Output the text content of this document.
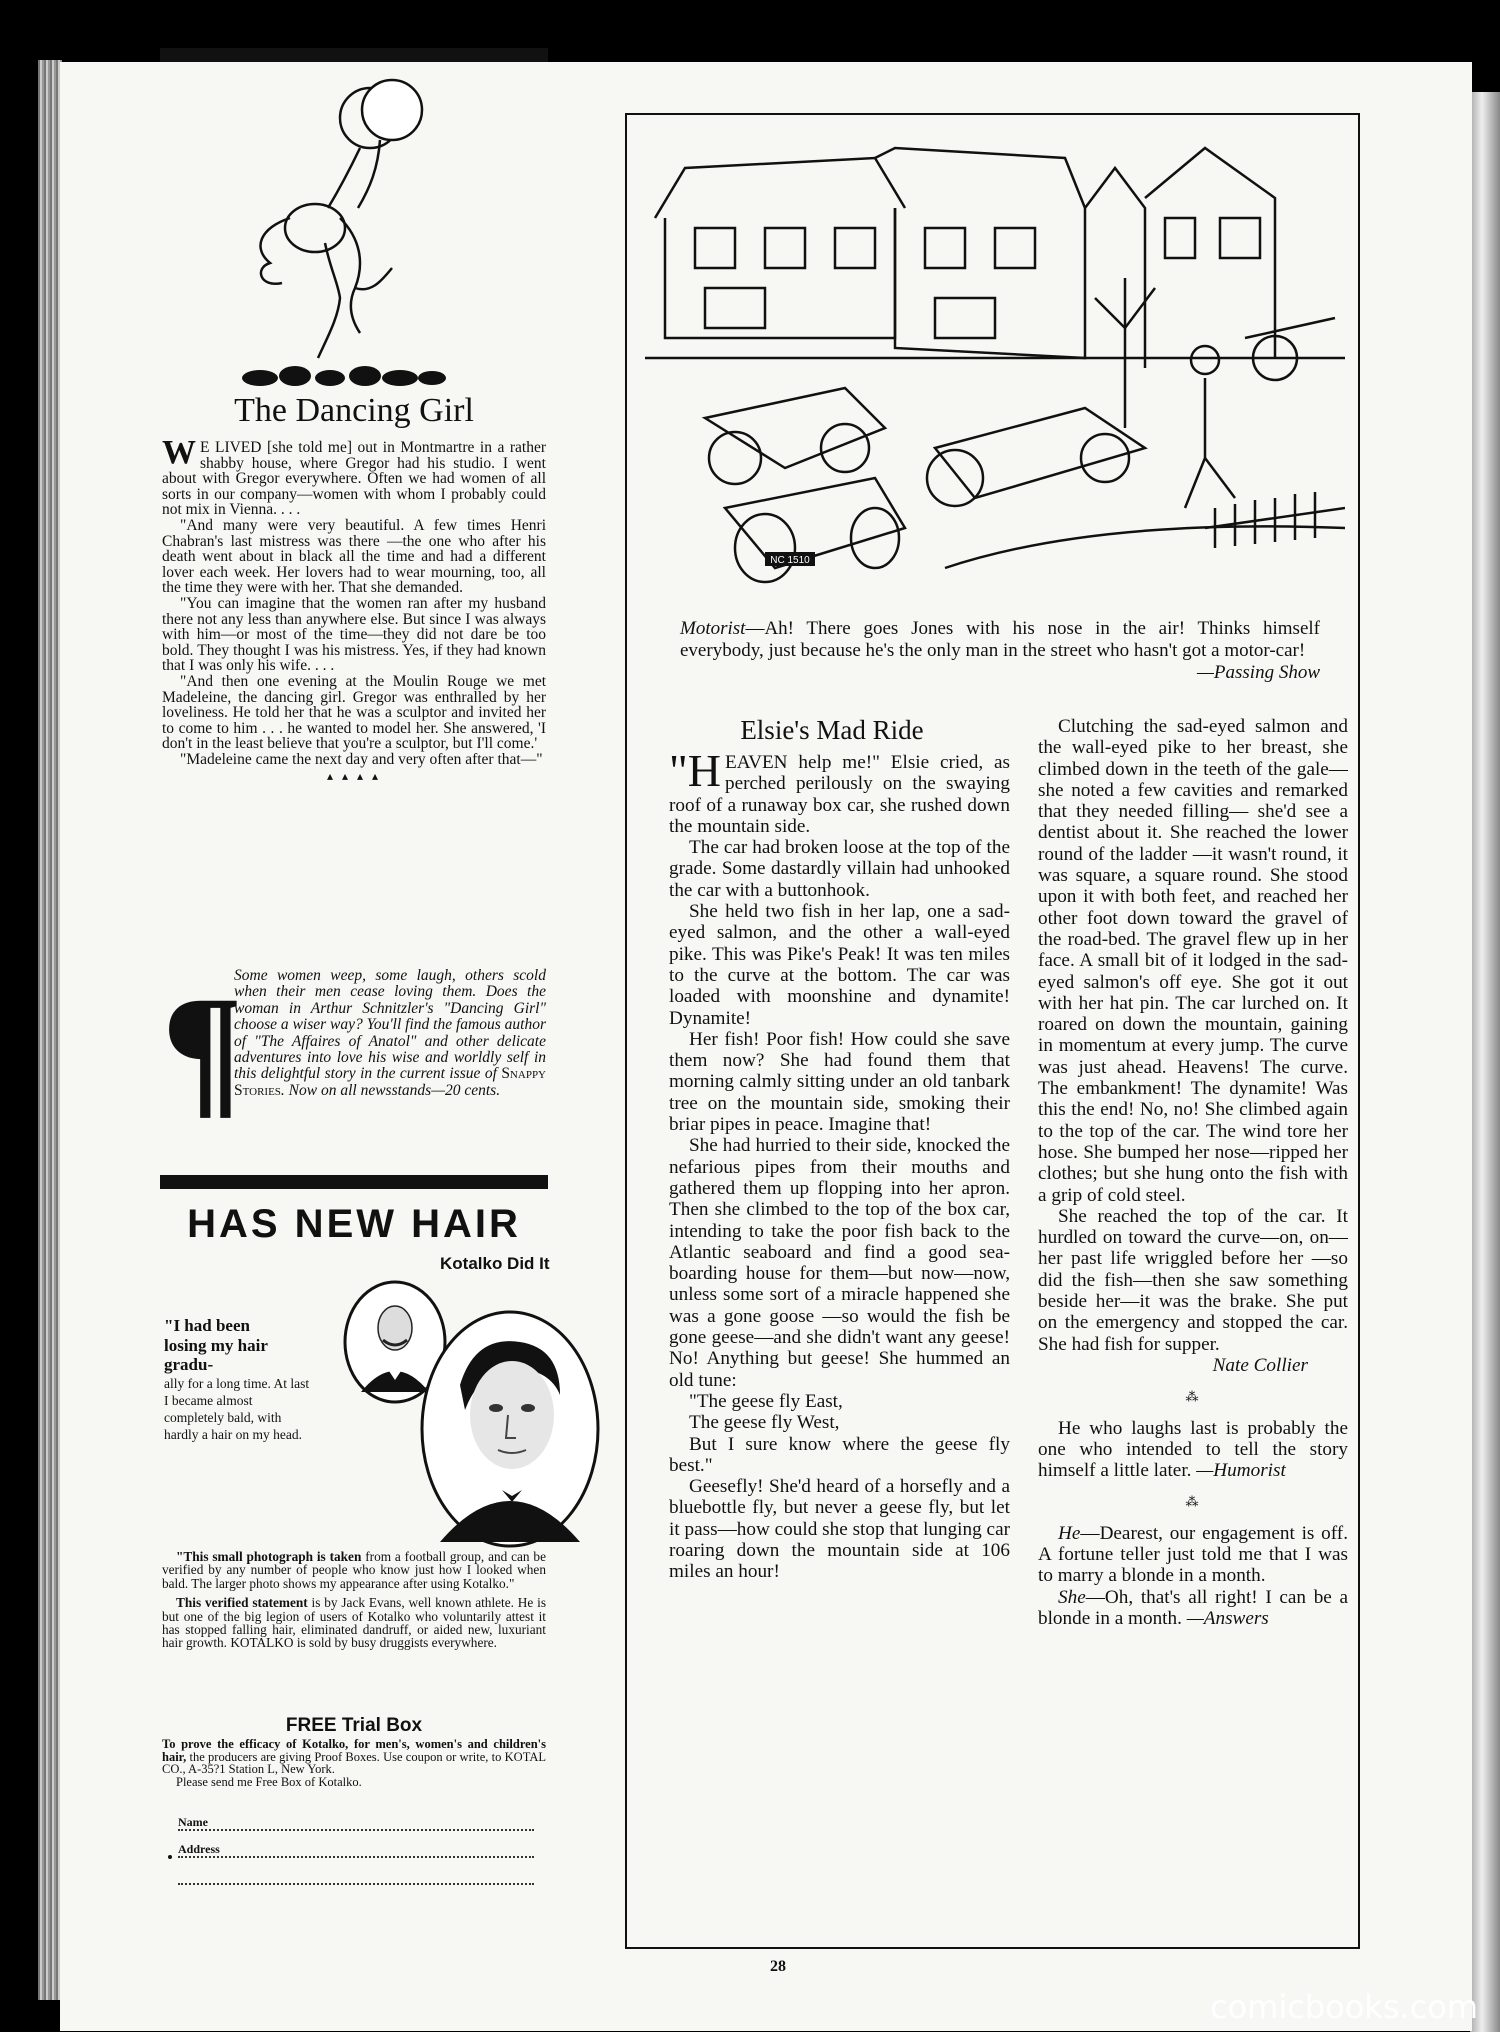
The Dancing Girl

W E LIVED [she told me] out in Montmartre in a rather shabby house, where Gregor had his studio. I went about with Gregor everywhere. Often we had women of all sorts in our company—women with whom I probably could not mix in Vienna. . . .

"And many were very beautiful. A few times Henri Chabran's last mistress was there —the one who after his death went about in black all the time and had a different lover each week. Her lovers had to wear mourning, too, all the time they were with her. That she demanded.

"You can imagine that the women ran after my husband there not any less than anywhere else. But since I was always with him—or most of the time—they did not dare be too bold. They thought I was his mistress. Yes, if they had known that I was only his wife. . . .

"And then one evening at the Moulin Rouge we met Madeleine, the dancing girl. Gregor was enthralled by her loveliness. He told her that he was a sculptor and invited her to come to him . . . he wanted to model her. She answered, 'I don't in the least believe that you're a sculptor, but I'll come.'

"Madeleine came the next day and very often after that—"

▴ ▴ ▴ ▴
¶

Some women weep, some laugh, others scold when their men cease loving them. Does the woman in Arthur Schnitzler's "Dancing Girl" choose a wiser way? You'll find the famous author of "The Affaires of Anatol" and other delicate adventures into love his wise and worldly self in this delightful story in the current issue of Snappy Stories. Now on all newsstands—20 cents.

HAS NEW HAIR

Kotalko Did It

"I had been losing my hair gradu-

ally for a long time. At last I became almost completely bald, with hardly a hair on my head.

"This small photograph is taken from a football group, and can be verified by any number of people who know just how I looked when bald. The larger photo shows my appearance after using Kotalko."

This verified statement is by Jack Evans, well known athlete. He is but one of the big legion of users of Kotalko who voluntarily attest it has stopped falling hair, eliminated dandruff, or aided new, luxuriant hair growth. KOTALKO is sold by busy druggists everywhere.

FREE Trial Box

To prove the efficacy of Kotalko, for men's, women's and children's hair, the producers are giving Proof Boxes. Use coupon or write, to KOTAL CO., A-35?1 Station L, New York.
Please send me Free Box of Kotalko.

Name

Address

NC 1510

Motorist—Ah! There goes Jones with his nose in the air! Thinks himself everybody, just because he's the only man in the street who hasn't got a motor-car!
—Passing Show

Elsie's Mad Ride

"HEAVEN help me!" Elsie cried, as perched perilously on the swaying roof of a runaway box car, she rushed down the mountain side.

The car had broken loose at the top of the grade. Some dastardly villain had unhooked the car with a buttonhook.

She held two fish in her lap, one a sad-eyed salmon, and the other a wall-eyed pike. This was Pike's Peak! It was ten miles to the curve at the bottom. The car was loaded with moonshine and dynamite! Dynamite!

Her fish! Poor fish! How could she save them now? She had found them that morning calmly sitting under an old tanbark tree on the mountain side, smoking their briar pipes in peace. Imagine that!

She had hurried to their side, knocked the nefarious pipes from their mouths and gathered them up flopping into her apron. Then she climbed to the top of the box car, intending to take the poor fish back to the Atlantic seaboard and find a good sea-boarding house for them—but now—now, unless some sort of a miracle happened she was a gone goose —so would the fish be gone geese—and she didn't want any geese! No! Anything but geese! She hummed an old tune:

"The geese fly East,

The geese fly West,

But I sure know where the geese fly best."

Geesefly! She'd heard of a horsefly and a bluebottle fly, but never a geese fly, but let it pass—how could she stop that lunging car roaring down the mountain side at 106 miles an hour!

Clutching the sad-eyed salmon and the wall-eyed pike to her breast, she climbed down in the teeth of the gale—she noted a few cavities and remarked that they needed filling— she'd see a dentist about it. She reached the lower round of the ladder —it wasn't round, it was square, a square round. She stood upon it with both feet, and reached her other foot down toward the gravel of the road-bed. The gravel flew up in her face. A small bit of it lodged in the sad-eyed salmon's off eye. She got it out with her hat pin. The car lurched on. It roared on down the mountain, gaining in momentum at every jump. The curve was just ahead. Heavens! The curve. The embankment! The dynamite! Was this the end! No, no! She climbed again to the top of the car. The wind tore her hose. She bumped her nose—ripped her clothes; but she hung onto the fish with a grip of cold steel.

She reached the top of the car. It hurdled on toward the curve—on, on—her past life wriggled before her —so did the fish—then she saw something beside her—it was the brake. She put on the emergency and stopped the car. She had fish for supper.

Nate Collier

⁂

He who laughs last is probably the one who intended to tell the story himself a little later. —Humorist

⁂

He—Dearest, our engagement is off. A fortune teller just told me that I was to marry a blonde in a month.

She—Oh, that's all right! I can be a blonde in a month. —Answers

28

comicbooks.com
